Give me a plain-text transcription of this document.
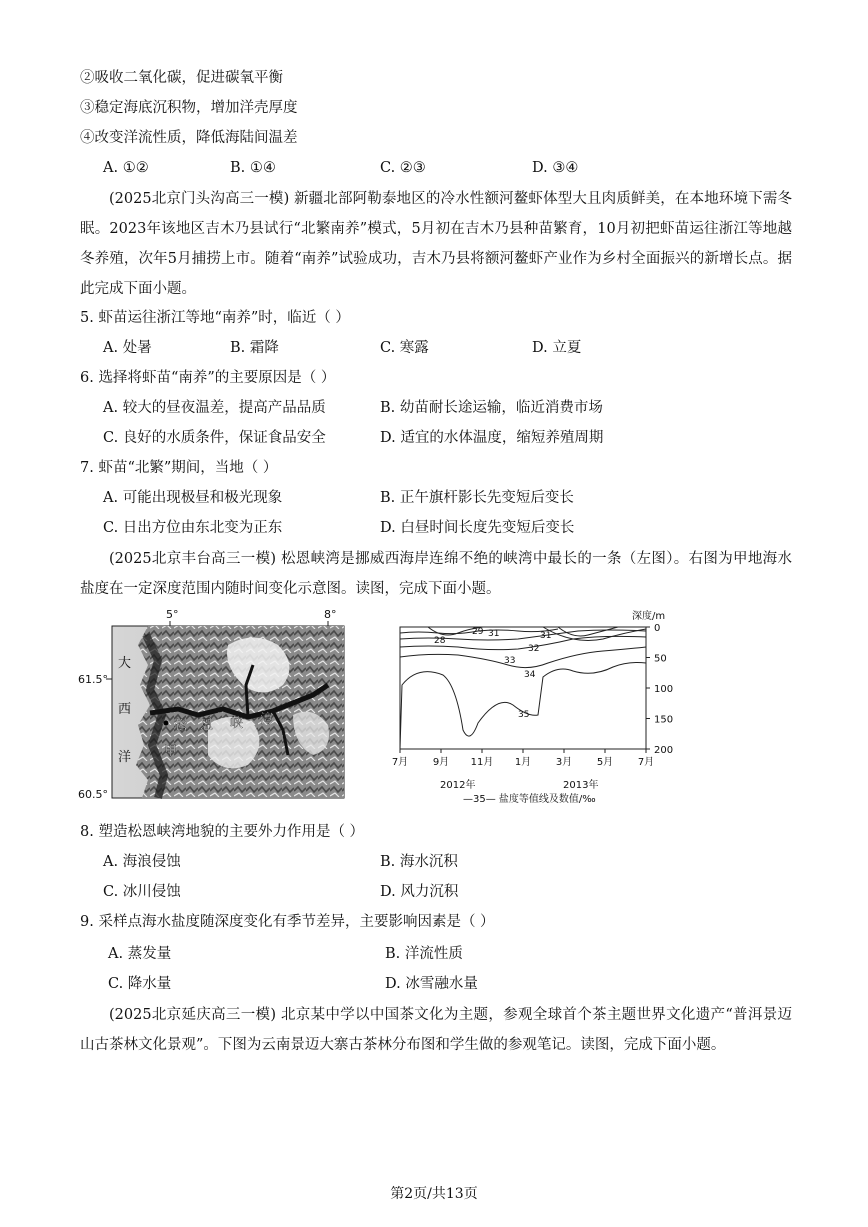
②吸收二氧化碳，促进碳氧平衡
③稳定海底沉积物，增加洋壳厚度
④改变洋流性质，降低海陆间温差
A. ①②	B. ①④	C. ②③	D. ③④
(2025北京门头沟高三一模) 新疆北部阿勒泰地区的冷水性额河鳌虾体型大且肉质鲜美，在本地环境下需冬眠。2023年该地区吉木乃县试行“北繁南养”模式，5月初在吉木乃县种苗繁育，10月初把虾苗运往浙江等地越冬养殖，次年5月捕捞上市。随着“南养”试验成功，吉木乃县将额河鳌虾产业作为乡村全面振兴的新增长点。据此完成下面小题。
5. 虾苗运往浙江等地“南养”时，临近（ ）
A. 处暑	B. 霜降	C. 寒露	D. 立夏
6. 选择将虾苗“南养”的主要原因是（ ）
A. 较大的昼夜温差，提高产品品质	B. 幼苗耐长途运输，临近消费市场
C. 良好的水质条件，保证食品安全	D. 适宜的水体温度，缩短养殖周期
7. 虾苗“北繁”期间，当地（ ）
A. 可能出现极昼和极光现象	B. 正午旗杆影长先变短后变长
C. 日出方位由东北变为正东	D. 白昼时间长度先变短后变长
(2025北京丰台高三一模) 松恩峡湾是挪威西海岸连绵不绝的峡湾中最长的一条（左图）。右图为甲地海水盐度在一定深度范围内随时间变化示意图。读图，完成下面小题。
5°	8°
61.5°
60.5°
大
西
洋
松 恩 峡 湾
甲
28
29 31	31
32
33
34
35
深度/m
0
50
100
150
200
7月 9月 11月 1月 3月 5月 7月
2012年	2013年
—35— 盐度等值线及数值/‰
8. 塑造松恩峡湾地貌的主要外力作用是（ ）
A. 海浪侵蚀	B. 海水沉积
C. 冰川侵蚀	D. 风力沉积
9. 采样点海水盐度随深度变化有季节差异，主要影响因素是（ ）
A. 蒸发量	B. 洋流性质
C. 降水量	D. 冰雪融水量
(2025北京延庆高三一模) 北京某中学以中国茶文化为主题，参观全球首个茶主题世界文化遗产“普洱景迈山古茶林文化景观”。下图为云南景迈大寨古茶林分布图和学生做的参观笔记。读图，完成下面小题。
第2页/共13页
